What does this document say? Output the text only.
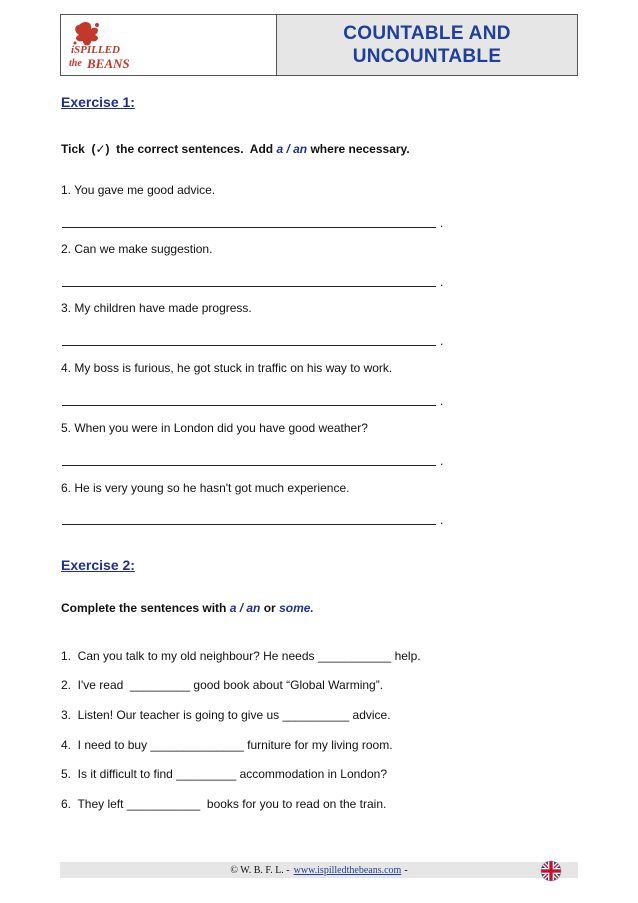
iSPILLED
the BEANS
COUNTABLE AND
UNCOUNTABLE
Exercise 1:
Tick  (✓)  the correct sentences.  Add a / an where necessary.
1. You gave me good advice.
.
2. Can we make suggestion.
.
3. My children have made progress.
.
4. My boss is furious, he got stuck in traffic on his way to work.
.
5. When you were in London did you have good weather?
.
6. He is very young so he hasn't got much experience.
.
Exercise 2:
Complete the sentences with a / an or some.
1.  Can you talk to my old neighbour? He needs ___________ help.
2.  I've read  _________ good book about “Global Warming”.
3.  Listen! Our teacher is going to give us __________ advice.
4.  I need to buy ______________ furniture for my living room.
5.  Is it difficult to find _________ accommodation in London?
6.  They left ___________  books for you to read on the train.
© W. B. F. L. - www.ispilledthebeans.com -
